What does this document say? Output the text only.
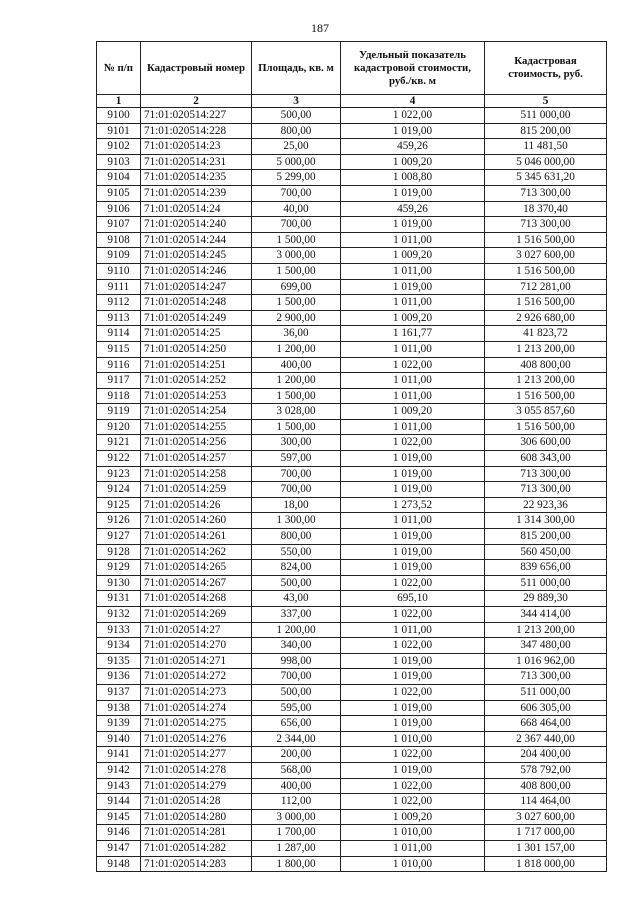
187
№ п/п	Кадастровый номер	Площадь, кв. м	Удельный показатель кадастровой стоимости, руб./кв. м	Кадастровая стоимость, руб.
1	2	3	4	5
9100	71:01:020514:227	500,00	1 022,00	511 000,00
9101	71:01:020514:228	800,00	1 019,00	815 200,00
9102	71:01:020514:23	25,00	459,26	11 481,50
9103	71:01:020514:231	5 000,00	1 009,20	5 046 000,00
9104	71:01:020514:235	5 299,00	1 008,80	5 345 631,20
9105	71:01:020514:239	700,00	1 019,00	713 300,00
9106	71:01:020514:24	40,00	459,26	18 370,40
9107	71:01:020514:240	700,00	1 019,00	713 300,00
9108	71:01:020514:244	1 500,00	1 011,00	1 516 500,00
9109	71:01:020514:245	3 000,00	1 009,20	3 027 600,00
9110	71:01:020514:246	1 500,00	1 011,00	1 516 500,00
9111	71:01:020514:247	699,00	1 019,00	712 281,00
9112	71:01:020514:248	1 500,00	1 011,00	1 516 500,00
9113	71:01:020514:249	2 900,00	1 009,20	2 926 680,00
9114	71:01:020514:25	36,00	1 161,77	41 823,72
9115	71:01:020514:250	1 200,00	1 011,00	1 213 200,00
9116	71:01:020514:251	400,00	1 022,00	408 800,00
9117	71:01:020514:252	1 200,00	1 011,00	1 213 200,00
9118	71:01:020514:253	1 500,00	1 011,00	1 516 500,00
9119	71:01:020514:254	3 028,00	1 009,20	3 055 857,60
9120	71:01:020514:255	1 500,00	1 011,00	1 516 500,00
9121	71:01:020514:256	300,00	1 022,00	306 600,00
9122	71:01:020514:257	597,00	1 019,00	608 343,00
9123	71:01:020514:258	700,00	1 019,00	713 300,00
9124	71:01:020514:259	700,00	1 019,00	713 300,00
9125	71:01:020514:26	18,00	1 273,52	22 923,36
9126	71:01:020514:260	1 300,00	1 011,00	1 314 300,00
9127	71:01:020514:261	800,00	1 019,00	815 200,00
9128	71:01:020514:262	550,00	1 019,00	560 450,00
9129	71:01:020514:265	824,00	1 019,00	839 656,00
9130	71:01:020514:267	500,00	1 022,00	511 000,00
9131	71:01:020514:268	43,00	695,10	29 889,30
9132	71:01:020514:269	337,00	1 022,00	344 414,00
9133	71:01:020514:27	1 200,00	1 011,00	1 213 200,00
9134	71:01:020514:270	340,00	1 022,00	347 480,00
9135	71:01:020514:271	998,00	1 019,00	1 016 962,00
9136	71:01:020514:272	700,00	1 019,00	713 300,00
9137	71:01:020514:273	500,00	1 022,00	511 000,00
9138	71:01:020514:274	595,00	1 019,00	606 305,00
9139	71:01:020514:275	656,00	1 019,00	668 464,00
9140	71:01:020514:276	2 344,00	1 010,00	2 367 440,00
9141	71:01:020514:277	200,00	1 022,00	204 400,00
9142	71:01:020514:278	568,00	1 019,00	578 792,00
9143	71:01:020514:279	400,00	1 022,00	408 800,00
9144	71:01:020514:28	112,00	1 022,00	114 464,00
9145	71:01:020514:280	3 000,00	1 009,20	3 027 600,00
9146	71:01:020514:281	1 700,00	1 010,00	1 717 000,00
9147	71:01:020514:282	1 287,00	1 011,00	1 301 157,00
9148	71:01:020514:283	1 800,00	1 010,00	1 818 000,00
